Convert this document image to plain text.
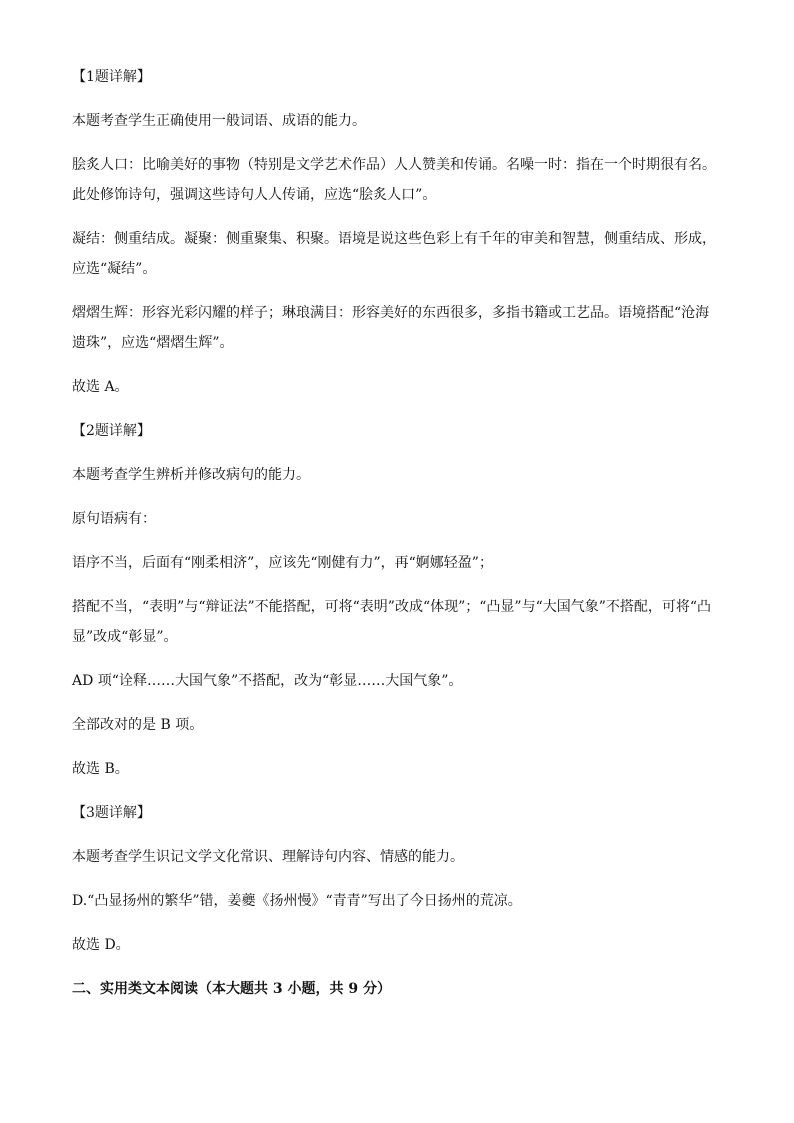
【1题详解】

本题考查学生正确使用一般词语、成语的能力。

脍炙人口：比喻美好的事物（特别是文学艺术作品）人人赞美和传诵。名噪一时：指在一个时期很有名。此处修饰诗句，强调这些诗句人人传诵，应选“脍炙人口”。

凝结：侧重结成。凝聚：侧重聚集、积聚。语境是说这些色彩上有千年的审美和智慧，侧重结成、形成，应选“凝结”。

熠熠生辉：形容光彩闪耀的样子；琳琅满目：形容美好的东西很多，多指书籍或工艺品。语境搭配“沧海遗珠”，应选“熠熠生辉”。

故选 A。

【2题详解】

本题考查学生辨析并修改病句的能力。

原句语病有：

语序不当，后面有“刚柔相济”，应该先“刚健有力”，再“婀娜轻盈”；

搭配不当，“表明”与“辩证法”不能搭配，可将“表明”改成“体现”；“凸显”与“大国气象”不搭配，可将“凸显”改成“彰显”。

AD 项“诠释……大国气象”不搭配，改为“彰显……大国气象”。

全部改对的是 B 项。

故选 B。

【3题详解】

本题考查学生识记文学文化常识、理解诗句内容、情感的能力。

D.“凸显扬州的繁华”错，姜夔《扬州慢》“青青”写出了今日扬州的荒凉。

故选 D。

二、实用类文本阅读（本大题共 3 小题，共 9 分）
